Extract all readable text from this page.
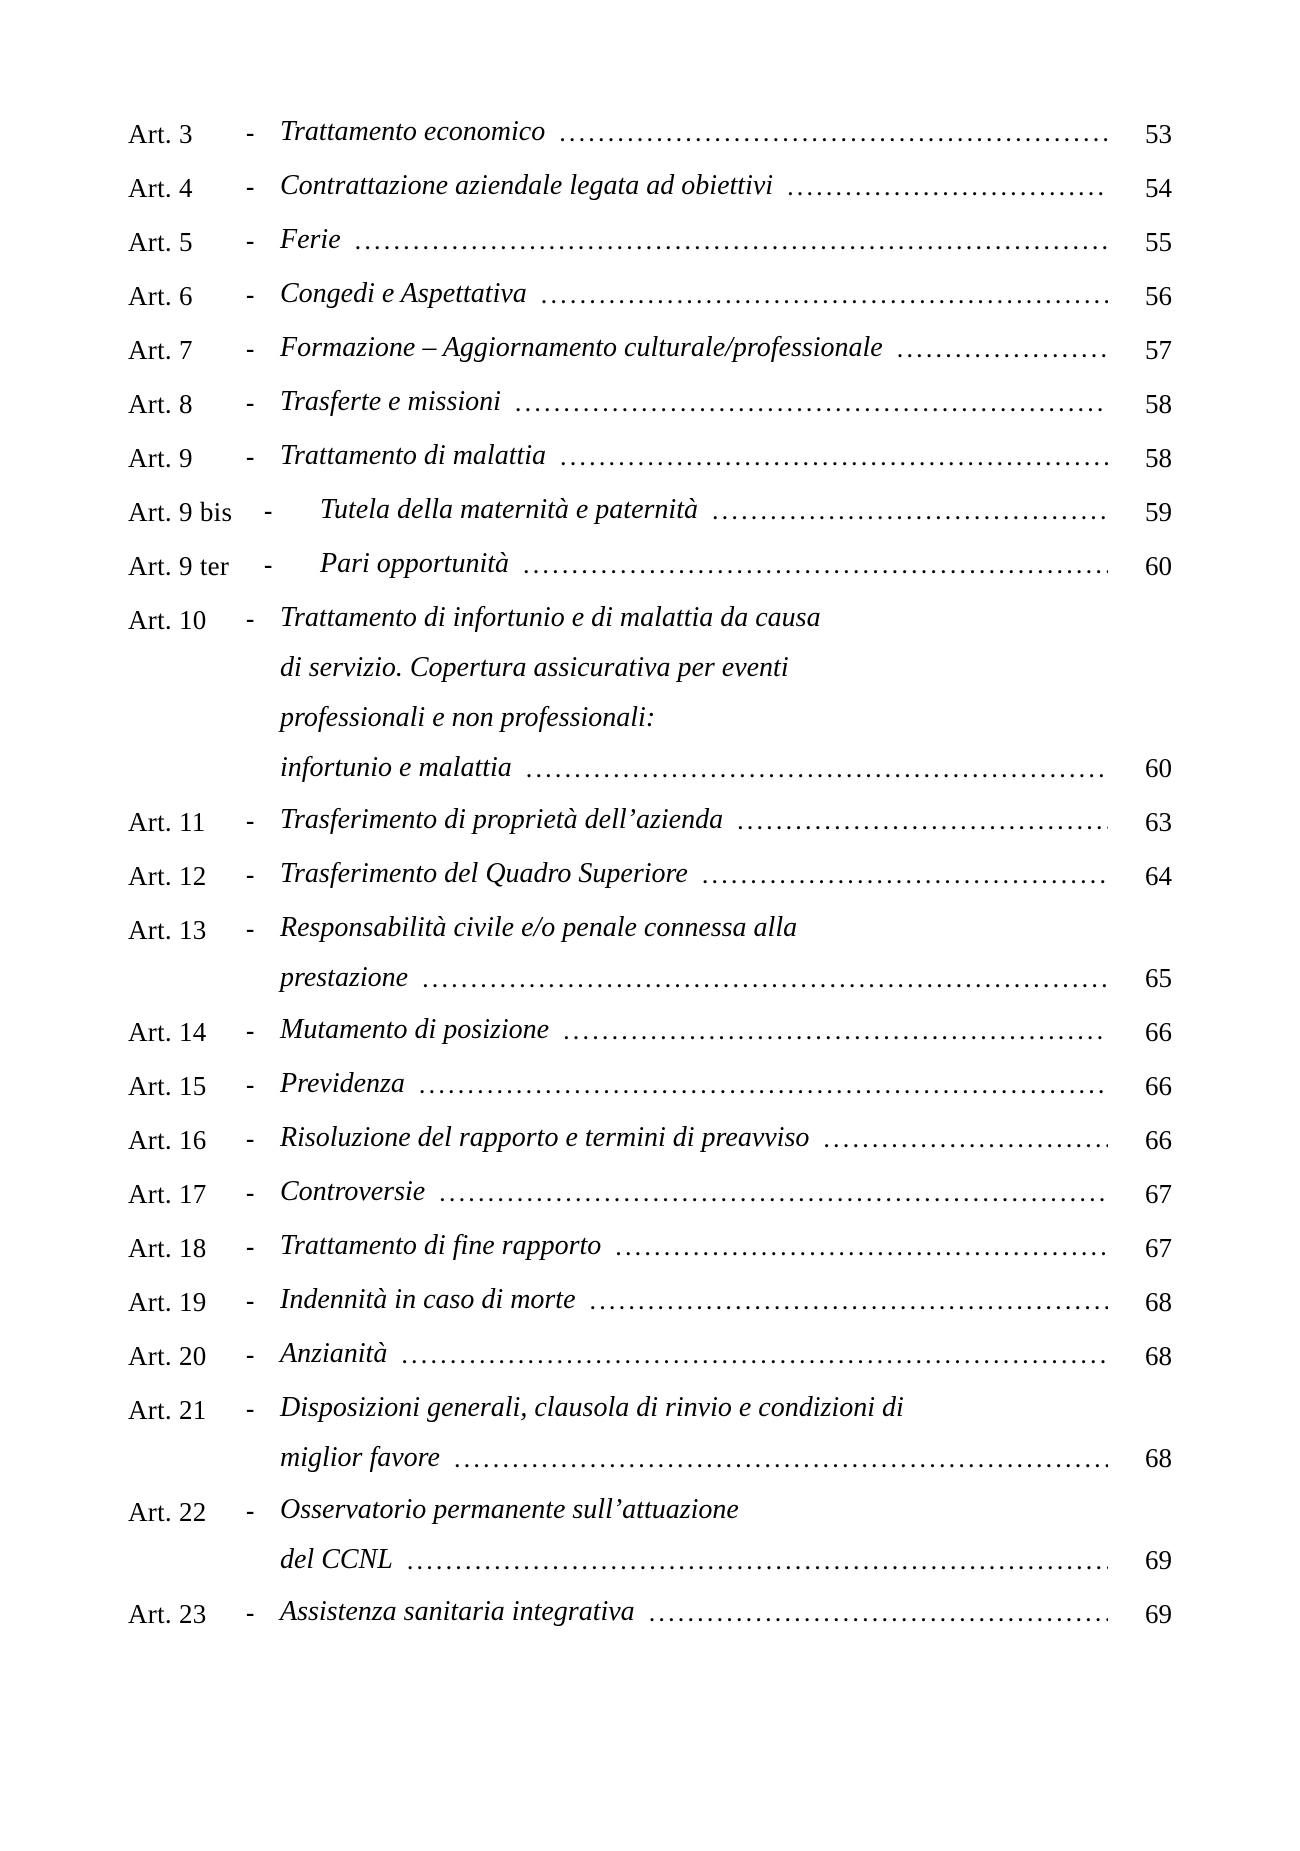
Art. 3	- Trattamento economico .....	53
Art. 4	- Contrattazione aziendale legata ad obiettivi .....	54
Art. 5	- Ferie .....	55
Art. 6	- Congedi e Aspettativa .....	56
Art. 7	- Formazione – Aggiornamento culturale/professionale .....	57
Art. 8	- Trasferte e missioni .....	58
Art. 9	- Trattamento di malattia .....	58
Art. 9 bis	-	Tutela della maternità e paternità .....	59
Art. 9 ter	-	Pari opportunità .....	60
Art. 10	- Trattamento di infortunio e di malattia da causa
di servizio. Copertura assicurativa per eventi
professionali e non professionali:
infortunio e malattia .....	60
Art. 11	- Trasferimento di proprietà dell’azienda .....	63
Art. 12	- Trasferimento del Quadro Superiore .....	64
Art. 13	- Responsabilità civile e/o penale connessa alla
prestazione .....	65
Art. 14	- Mutamento di posizione .....	66
Art. 15	- Previdenza .....	66
Art. 16	- Risoluzione del rapporto e termini di preavviso .....	66
Art. 17	- Controversie .....	67
Art. 18	- Trattamento di fine rapporto .....	67
Art. 19	- Indennità in caso di morte .....	68
Art. 20	- Anzianità .....	68
Art. 21	- Disposizioni generali, clausola di rinvio e condizioni di
miglior favore .....	68
Art. 22	- Osservatorio permanente sull’attuazione
del CCNL .....	69
Art. 23	- Assistenza sanitaria integrativa .....	69
